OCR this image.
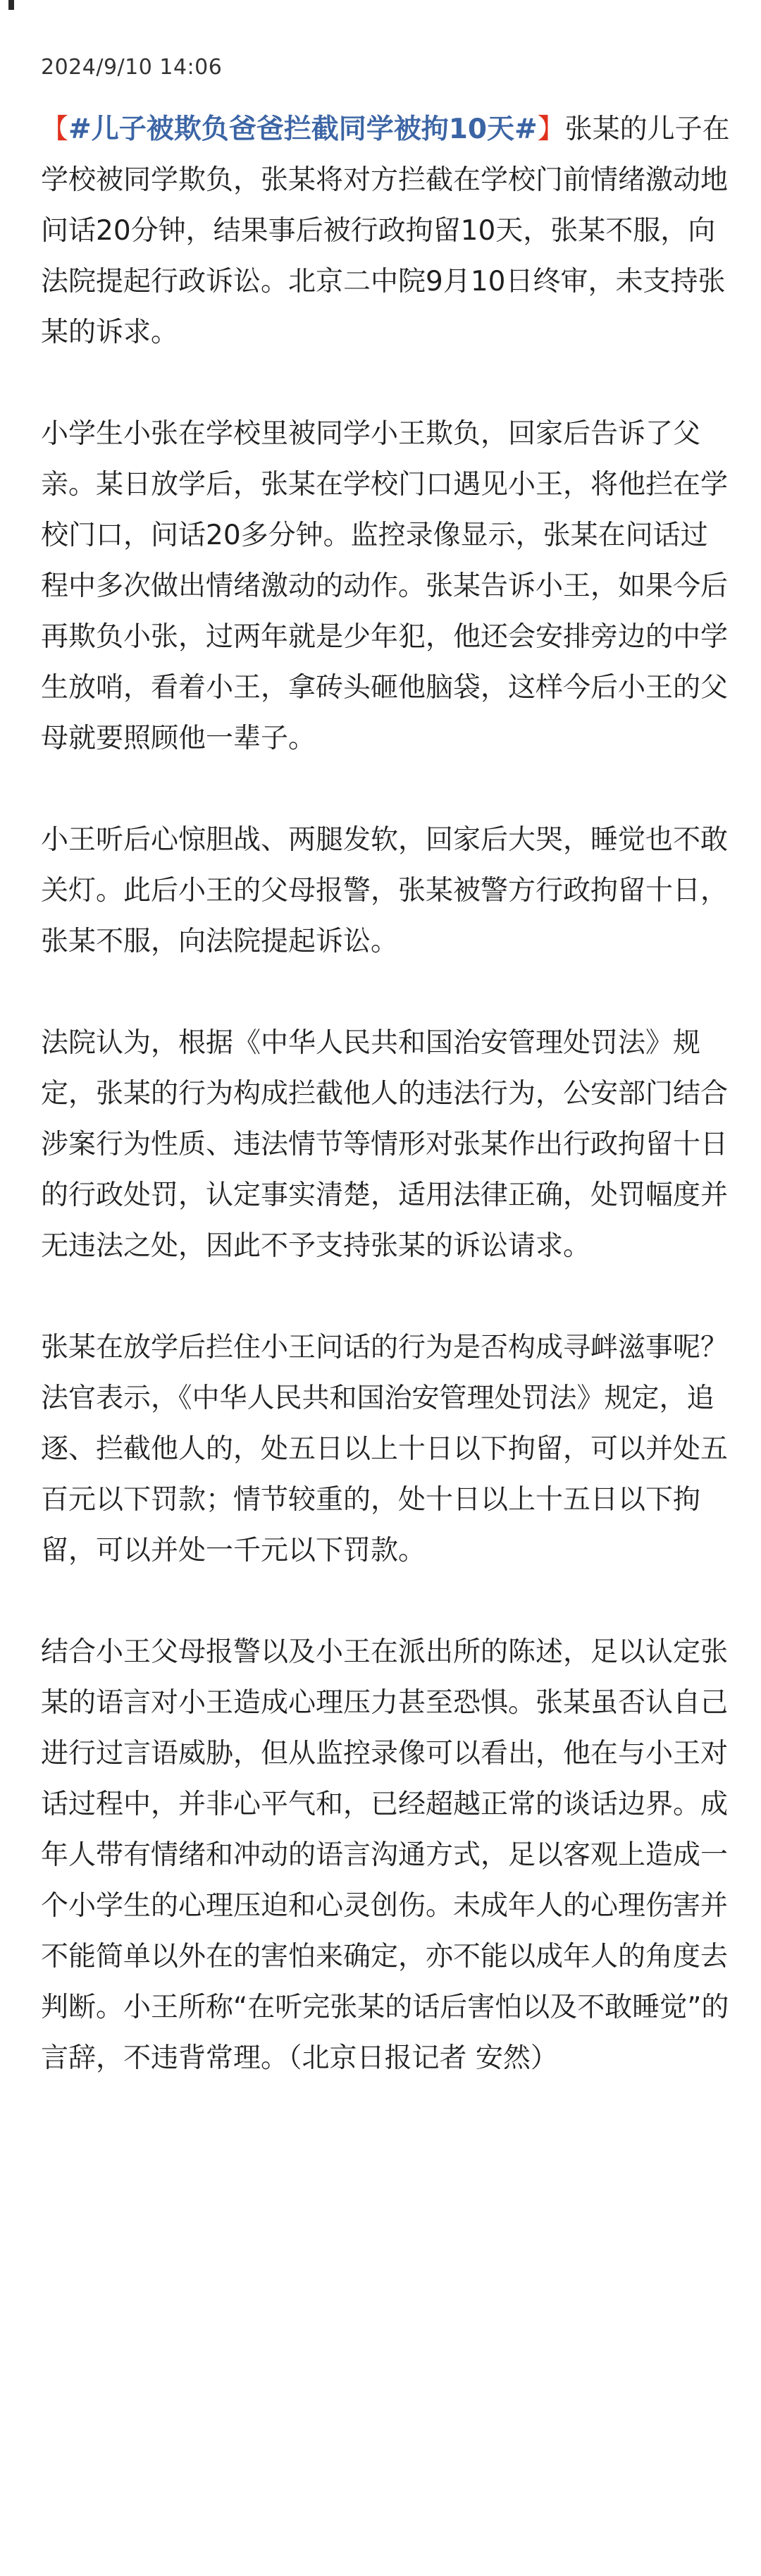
2024/9/10 14:06

【#儿子被欺负爸爸拦截同学被拘10天#】张某的儿子在学校被同学欺负，张某将对方拦截在学校门前情绪激动地问话20分钟，结果事后被行政拘留10天，张某不服，向法院提起行政诉讼。北京二中院9月10日终审，未支持张某的诉求。

小学生小张在学校里被同学小王欺负，回家后告诉了父亲。某日放学后，张某在学校门口遇见小王，将他拦在学校门口，问话20多分钟。监控录像显示，张某在问话过程中多次做出情绪激动的动作。张某告诉小王，如果今后再欺负小张，过两年就是少年犯，他还会安排旁边的中学生放哨，看着小王，拿砖头砸他脑袋，这样今后小王的父母就要照顾他一辈子。

小王听后心惊胆战、两腿发软，回家后大哭，睡觉也不敢关灯。此后小王的父母报警，张某被警方行政拘留十日，张某不服，向法院提起诉讼。

法院认为，根据《中华人民共和国治安管理处罚法》规定，张某的行为构成拦截他人的违法行为，公安部门结合涉案行为性质、违法情节等情形对张某作出行政拘留十日的行政处罚，认定事实清楚，适用法律正确，处罚幅度并无违法之处，因此不予支持张某的诉讼请求。

张某在放学后拦住小王问话的行为是否构成寻衅滋事呢？法官表示，《中华人民共和国治安管理处罚法》规定，追逐、拦截他人的，处五日以上十日以下拘留，可以并处五百元以下罚款；情节较重的，处十日以上十五日以下拘留，可以并处一千元以下罚款。

结合小王父母报警以及小王在派出所的陈述，足以认定张某的语言对小王造成心理压力甚至恐惧。张某虽否认自己进行过言语威胁，但从监控录像可以看出，他在与小王对话过程中，并非心平气和，已经超越正常的谈话边界。成年人带有情绪和冲动的语言沟通方式，足以客观上造成一个小学生的心理压迫和心灵创伤。未成年人的心理伤害并不能简单以外在的害怕来确定，亦不能以成年人的角度去判断。小王所称“在听完张某的话后害怕以及不敢睡觉”的言辞，不违背常理。（北京日报记者 安然）
